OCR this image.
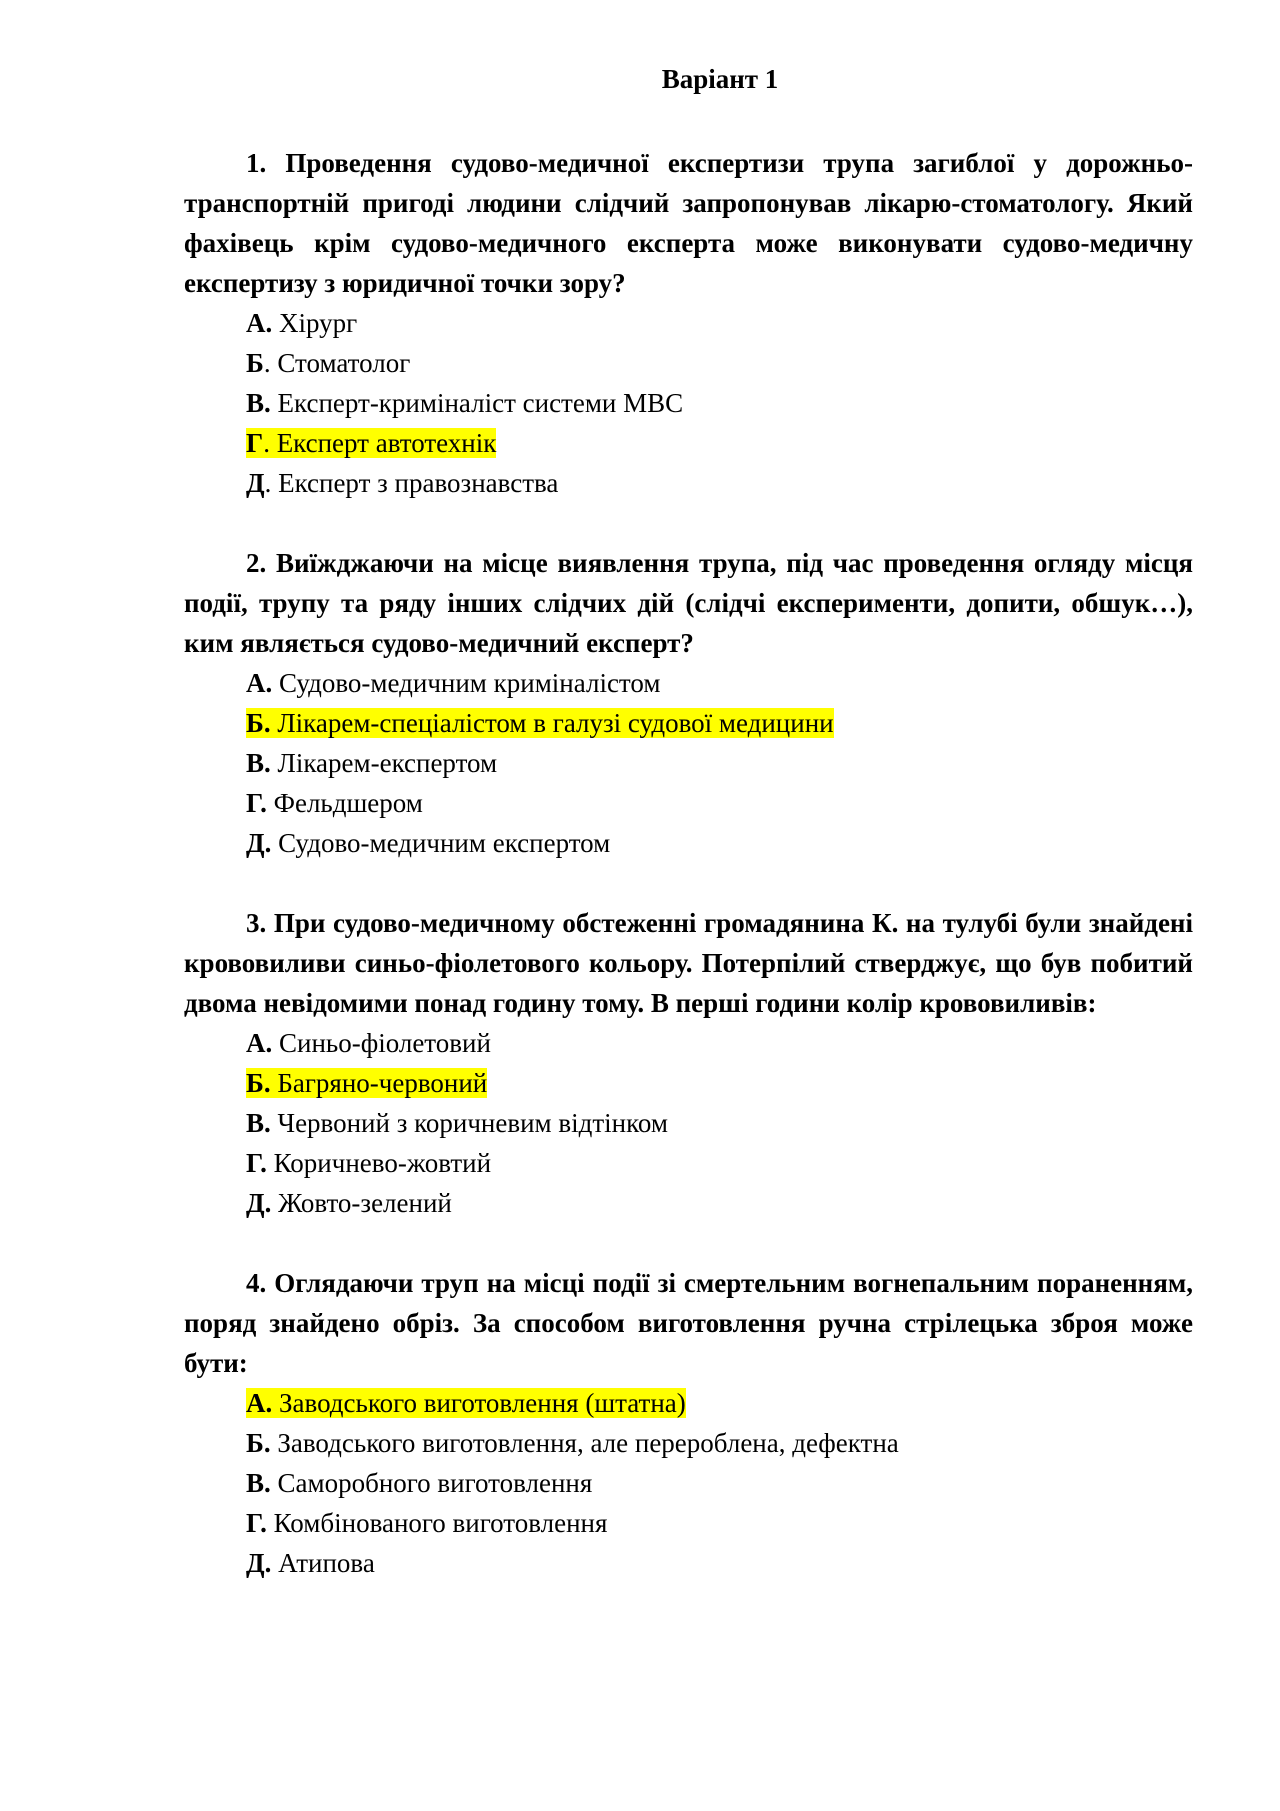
Варіант 1

1. Проведення судово-медичної експертизи трупа загиблої у дорожньо-транспортній пригоді людини слідчий запропонував лікарю-стоматологу. Який фахівець крім судово-медичного експерта може виконувати судово-медичну експертизу з юридичної точки зору?

А. Хірург
Б. Стоматолог
В. Експерт-криміналіст системи МВС
Г. Експерт автотехнік
Д. Експерт з правознавства

2. Виїжджаючи на місце виявлення трупа, під час проведення огляду місця події, трупу та ряду інших слідчих дій (слідчі експерименти, допити, обшук…), ким являється судово-медичний експерт?

А. Судово-медичним криміналістом
Б. Лікарем-спеціалістом в галузі судової медицини
В. Лікарем-експертом
Г. Фельдшером
Д. Судово-медичним експертом

3. При судово-медичному обстеженні громадянина К. на тулубі були знайдені крововиливи синьо-фіолетового кольору. Потерпілий стверджує, що був побитий двома невідомими понад годину тому. В перші години колір крововиливів:

А. Синьо-фіолетовий
Б. Багряно-червоний
В. Червоний з коричневим відтінком
Г. Коричнево-жовтий
Д. Жовто-зелений

4. Оглядаючи труп на місці події зі смертельним вогнепальним пораненням, поряд знайдено обріз. За способом виготовлення ручна стрілецька зброя може бути:

А. Заводського виготовлення (штатна)
Б. Заводського виготовлення, але перероблена, дефектна
В. Саморобного виготовлення
Г. Комбінованого виготовлення
Д. Атипова
